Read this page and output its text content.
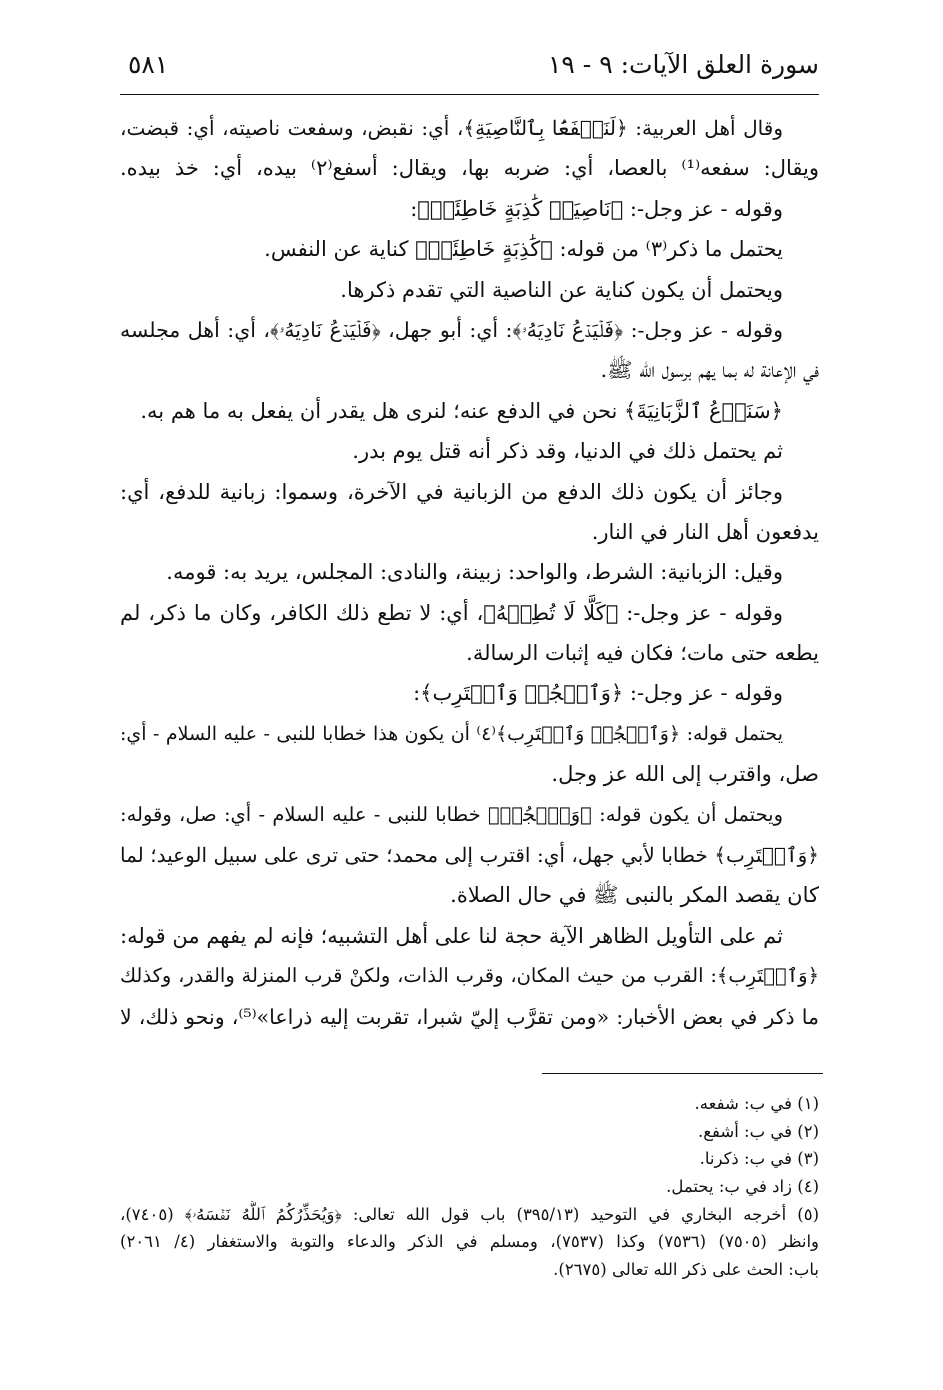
سورة العلق الآيات: ٩ - ١٩
٥٨١
وقال أهل العربية: ﴿لَنَسۡفَعَۢا بِٱلنَّاصِيَةِ﴾، أي: نقبض، وسفعت ناصيته، أي: قبضت،
ويقال: سفعه⁽¹⁾ بالعصا، أي: ضربه بها، ويقال: أسفع⁽٢⁾ بيده، أي: خذ بيده.
وقوله - عز وجل-: ﴿نَاصِيَةٖ كَٰذِبَةٍ خَاطِئَةٖ﴾:
يحتمل ما ذكر⁽٣⁾ من قوله: ﴿كَٰذِبَةٍ خَاطِئَةٖ﴾ كناية عن النفس.
ويحتمل أن يكون كناية عن الناصية التي تقدم ذكرها.
وقوله - عز وجل-: ﴿فَلۡيَدۡعُ نَادِيَهُۥ﴾: أي: أبو جهل، ﴿فَلۡيَدۡعُ نَادِيَهُۥ﴾، أي: أهل مجلسه
في الإعانة له بما يهم برسول الله ﷺ.
﴿سَنَدۡعُ ٱلزَّبَانِيَةَ﴾ نحن في الدفع عنه؛ لنرى هل يقدر أن يفعل به ما هم به.
ثم يحتمل ذلك في الدنيا، وقد ذكر أنه قتل يوم بدر.
وجائز أن يكون ذلك الدفع من الزبانية في الآخرة، وسموا: زبانية للدفع، أي:
يدفعون أهل النار في النار.
وقيل: الزبانية: الشرط، والواحد: زبينة، والنادى: المجلس، يريد به: قومه.
وقوله - عز وجل-: ﴿كَلَّا لَا تُطِعۡهُ﴾، أي: لا تطع ذلك الكافر، وكان ما ذكر، لم
يطعه حتى مات؛ فكان فيه إثبات الرسالة.
وقوله - عز وجل-: ﴿وَٱسۡجُدۡ وَٱقۡتَرِب﴾:
يحتمل قوله: ﴿وَٱسۡجُدۡ وَٱقۡتَرِب﴾⁽٤⁾ أن يكون هذا خطابا للنبى - عليه السلام - أي:
صل، واقترب إلى الله عز وجل.
ويحتمل أن يكون قوله: ﴿وَٱسۡجُدۡ﴾ خطابا للنبى - عليه السلام - أي: صل، وقوله:
﴿وَٱقۡتَرِب﴾ خطابا لأبي جهل، أي: اقترب إلى محمد؛ حتى ترى على سبيل الوعيد؛ لما
كان يقصد المكر بالنبى ﷺ في حال الصلاة.
ثم على التأويل الظاهر الآية حجة لنا على أهل التشبيه؛ فإنه لم يفهم من قوله:
﴿وَٱقۡتَرِب﴾: القرب من حيث المكان، وقرب الذات، ولكنْ قرب المنزلة والقدر، وكذلك
ما ذكر في بعض الأخبار: «ومن تقرَّب إليّ شبرا، تقربت إليه ذراعا»⁽⁵⁾، ونحو ذلك، لا
(١) في ب: شفعه.
(٢) في ب: أشفع.
(٣) في ب: ذكرنا.
(٤) زاد في ب: يحتمل.
(٥) أخرجه البخاري في التوحيد (٣٩٥/١٣) باب قول الله تعالى: ﴿وَيُحَذِّرُكُمُ ٱللَّهُ نَفۡسَهُۥ﴾ (٧٤٠٥)،
وانظر (٧٥٠٥) (٧٥٣٦) وكذا (٧٥٣٧)، ومسلم في الذكر والدعاء والتوبة والاستغفار (٤/ ٢٠٦١)
باب: الحث على ذكر الله تعالى (٢٦٧٥).
